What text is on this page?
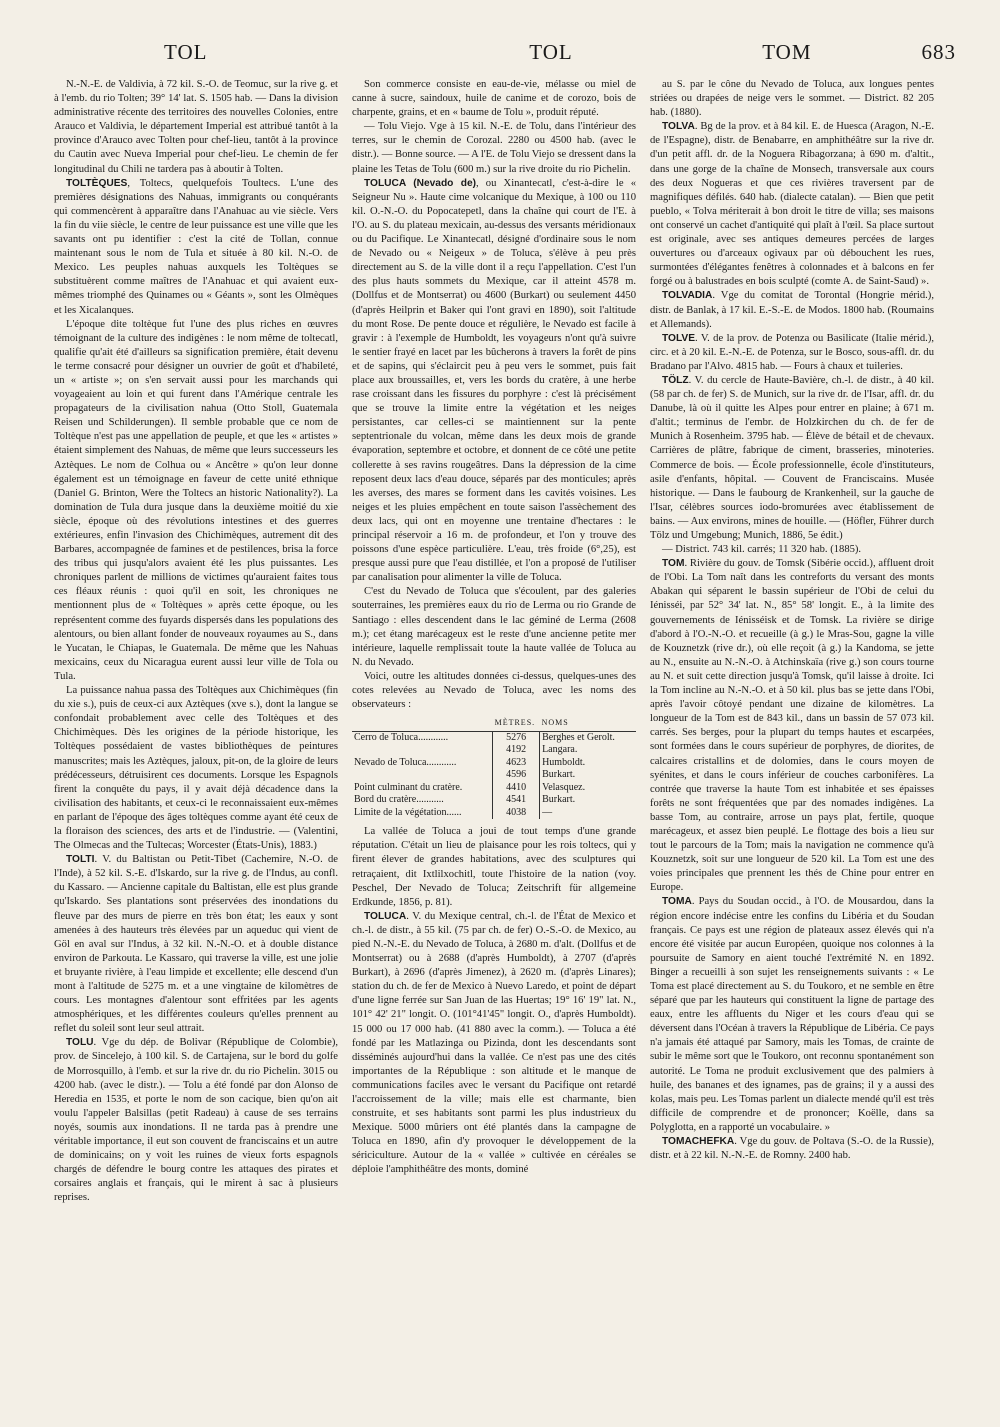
TOL	TOL	TOM	683

N.-N.-E. de Valdivia, à 72 kil. S.-O. de Teomuc, sur la rive g. et à l'emb. du rio Tolten; 39° 14' lat. S. 1505 hab. — Dans la division administrative récente des territoires des nouvelles Colonies, entre Arauco et Valdivia, le département Imperial est attribué tantôt à la province d'Arauco avec Tolten pour chef-lieu, tantôt à la province du Cautin avec Nueva Imperial pour chef-lieu. Le chemin de fer longitudinal du Chili ne tardera pas à aboutir à Tolten.

TOLTÈQUES, Toltecs, quelquefois Toultecs. L'une des premières désignations des Nahuas, immigrants ou conquérants qui commencèrent à apparaître dans l'Anahuac au vie siècle. Vers la fin du viie siècle, le centre de leur puissance est une ville que les savants ont pu identifier : c'est la cité de Tollan, connue maintenant sous le nom de Tula et située à 80 kil. N.-O. de Mexico. Les peuples nahuas auxquels les Toltèques se substituèrent comme maîtres de l'Anahuac et qui avaient eux-mêmes triomphé des Quinames ou « Géants », sont les Olmèques et les Xicalanques.

L'époque dite toltèque fut l'une des plus riches en œuvres témoignant de la culture des indigènes : le nom même de toltecatl, qualifie qu'ait été d'ailleurs sa signification première, était devenu le terme consacré pour désigner un ouvrier de goût et d'habileté, un « artiste »; on s'en servait aussi pour les marchands qui voyageaient au loin et qui furent dans l'Amérique centrale les propagateurs de la civilisation nahua (Otto Stoll, Guatemala Reisen und Schilderungen). Il semble probable que ce nom de Toltèque n'est pas une appellation de peuple, et que les « artistes » étaient simplement des Nahuas, de même que leurs successeurs les Aztèques. Le nom de Colhua ou « Ancêtre » qu'on leur donne également est un témoignage en faveur de cette unité ethnique (Daniel G. Brinton, Were the Toltecs an historic Nationality?). La domination de Tula dura jusque dans la deuxième moitié du xie siècle, époque où des révolutions intestines et des guerres extérieures, enfin l'invasion des Chichimèques, autrement dit des Barbares, accompagnée de famines et de pestilences, brisa la force des tribus qui jusqu'alors avaient été les plus puissantes. Les chroniques parlent de millions de victimes qu'auraient faites tous ces fléaux réunis : quoi qu'il en soit, les chroniques ne mentionnent plus de « Toltèques » après cette époque, ou les représentent comme des fuyards dispersés dans les populations des alentours, ou bien allant fonder de nouveaux royaumes au S., dans le Yucatan, le Chiapas, le Guatemala. De même que les Nahuas mexicains, ceux du Nicaragua eurent aussi leur ville de Tola ou Tula.

La puissance nahua passa des Toltèques aux Chichimèques (fin du xie s.), puis de ceux-ci aux Aztèques (xve s.), dont la langue se confondait probablement avec celle des Toltèques et des Chichimèques. Dès les origines de la période historique, les Toltèques possédaient de vastes bibliothèques de peintures manuscrites; mais les Aztèques, jaloux, pit-on, de la gloire de leurs prédécesseurs, détruisirent ces documents. Lorsque les Espagnols firent la conquête du pays, il y avait déjà décadence dans la civilisation des habitants, et ceux-ci le reconnaissaient eux-mêmes en parlant de l'époque des âges toltèques comme ayant été ceux de la floraison des sciences, des arts et de l'industrie. — (Valentini, The Olmecas and the Tultecas; Worcester (États-Unis), 1883.)

TOLTI. V. du Baltistan ou Petit-Tibet (Cachemire, N.-O. de l'Inde), à 52 kil. S.-E. d'Iskardo, sur la rive g. de l'Indus, au confl. du Kassaro. — Ancienne capitale du Baltistan, elle est plus grande qu'Iskardo. Ses plantations sont préservées des inondations du fleuve par des murs de pierre en très bon état; les eaux y sont amenées à des hauteurs très élevées par un aqueduc qui vient de Göl en aval sur l'Indus, à 32 kil. N.-N.-O. et à double distance environ de Parkouta. Le Kassaro, qui traverse la ville, est une jolie et bruyante rivière, à l'eau limpide et excellente; elle descend d'un mont à l'altitude de 5275 m. et a une vingtaine de kilomètres de cours. Les montagnes d'alentour sont effritées par les agents atmosphériques, et les différentes couleurs qu'elles prennent au reflet du soleil sont leur seul attrait.

TOLU. Vge du dép. de Bolivar (République de Colombie), prov. de Sincelejo, à 100 kil. S. de Cartajena, sur le bord du golfe de Morrosquillo, à l'emb. et sur la rive dr. du rio Pichelin. 3015 ou 4200 hab. (avec le distr.). — Tolu a été fondé par don Alonso de Heredia en 1535, et porte le nom de son cacique, bien qu'on ait voulu l'appeler Balsillas (petit Radeau) à cause de ses terrains noyés, soumis aux inondations. Il ne tarda pas à prendre une véritable importance, il eut son couvent de franciscains et un autre de dominicains; on y voit les ruines de vieux forts espagnols chargés de défendre le bourg contre les attaques des pirates et corsaires anglais et français, qui le mirent à sac à plusieurs reprises.

Son commerce consiste en eau-de-vie, mélasse ou miel de canne à sucre, saindoux, huile de canime et de corozo, bois de charpente, grains, et en « baume de Tolu », produit réputé.

— Tolu Viejo. Vge à 15 kil. N.-E. de Tolu, dans l'intérieur des terres, sur le chemin de Corozal. 2280 ou 4500 hab. (avec le distr.). — Bonne source. — A l'E. de Tolu Viejo se dressent dans la plaine les Tetas de Tolu (600 m.) sur la rive droite du rio Pichelin.

TOLUCA (Nevado de), ou Xinantecatl, c'est-à-dire le « Seigneur Nu ». Haute cime volcanique du Mexique, à 100 ou 110 kil. O.-N.-O. du Popocatepetl, dans la chaîne qui court de l'E. à l'O. au S. du plateau mexicain, au-dessus des versants méridionaux ou du Pacifique. Le Xinantecatl, désigné d'ordinaire sous le nom de Nevado ou « Neigeux » de Toluca, s'élève à peu près directement au S. de la ville dont il a reçu l'appellation. C'est l'un des plus hauts sommets du Mexique, car il atteint 4578 m. (Dollfus et de Montserrat) ou 4600 (Burkart) ou seulement 4450 (d'après Heilprin et Baker qui l'ont gravi en 1890), soit l'altitude du mont Rose. De pente douce et régulière, le Nevado est facile à gravir : à l'exemple de Humboldt, les voyageurs n'ont qu'à suivre le sentier frayé en lacet par les bûcherons à travers la forêt de pins et de sapins, qui s'éclaircit peu à peu vers le sommet, puis fait place aux broussailles, et, vers les bords du cratère, à une herbe rase croissant dans les fissures du porphyre : c'est là précisément que se trouve la limite entre la végétation et les neiges persistantes, car celles-ci se maintiennent sur la pente septentrionale du volcan, même dans les deux mois de grande évaporation, septembre et octobre, et donnent de ce côté une petite collerette à ses ravins rougeâtres. Dans la dépression de la cime reposent deux lacs d'eau douce, séparés par des monticules; après les averses, des mares se forment dans les cavités voisines. Les neiges et les pluies empêchent en toute saison l'assèchement des deux lacs, qui ont en moyenne une trentaine d'hectares : le principal réservoir a 16 m. de profondeur, et l'on y trouve des poissons d'une espèce particulière. L'eau, très froide (6°,25), est presque aussi pure que l'eau distillée, et l'on a proposé de l'utiliser par canalisation pour alimenter la ville de Toluca.

C'est du Nevado de Toluca que s'écoulent, par des galeries souterraines, les premières eaux du rio de Lerma ou rio Grande de Santiago : elles descendent dans le lac géminé de Lerma (2608 m.); cet étang marécageux est le reste d'une ancienne petite mer intérieure, laquelle remplissait toute la haute vallée de Toluca au N. du Nevado.

Voici, outre les altitudes données ci-dessus, quelques-unes des cotes relevées au Nevado de Toluca, avec les noms des observateurs :

	MÈTRES.	NOMS
Cerro de Toluca............	5276	Berghes et Gerolt.
	4192	Langara.
Nevado de Toluca............	4623	Humboldt.
	4596	Burkart.
Point culminant du cratère.	4410	Velasquez.
Bord du cratère...........	4541	Burkart.
Limite de la végétation......	4038	—

La vallée de Toluca a joui de tout temps d'une grande réputation. C'était un lieu de plaisance pour les rois toltecs, qui y firent élever de grandes habitations, avec des sculptures qui retraçaient, dit Ixtlilxochitl, toute l'histoire de la nation (voy. Peschel, Der Nevado de Toluca; Zeitschrift für allgemeine Erdkunde, 1856, p. 81).

TOLUCA. V. du Mexique central, ch.-l. de l'État de Mexico et ch.-l. de distr., à 55 kil. (75 par ch. de fer) O.-S.-O. de Mexico, au pied N.-N.-E. du Nevado de Toluca, à 2680 m. d'alt. (Dollfus et de Montserrat) ou à 2688 (d'après Humboldt), à 2707 (d'après Burkart), à 2696 (d'après Jimenez), à 2620 m. (d'après Linares); station du ch. de fer de Mexico à Nuevo Laredo, et point de départ d'une ligne ferrée sur San Juan de las Huertas; 19° 16' 19" lat. N., 101° 42' 21" longit. O. (101°41'45" longit. O., d'après Humboldt). 15 000 ou 17 000 hab. (41 880 avec la comm.). — Toluca a été fondé par les Matlazinga ou Pizinda, dont les descendants sont disséminés aujourd'hui dans la vallée. Ce n'est pas une des cités importantes de la République : son altitude et le manque de communications faciles avec le versant du Pacifique ont retardé l'accroissement de la ville; mais elle est charmante, bien construite, et ses habitants sont parmi les plus industrieux du Mexique. 5000 mûriers ont été plantés dans la campagne de Toluca en 1890, afin d'y provoquer le développement de la sériciculture. Autour de la « vallée » cultivée en céréales se déploie l'amphithéâtre des monts, dominé

au S. par le cône du Nevado de Toluca, aux longues pentes striées ou drapées de neige vers le sommet. — District. 82 205 hab. (1880).

TOLVA. Bg de la prov. et à 84 kil. E. de Huesca (Aragon, N.-E. de l'Espagne), distr. de Benabarre, en amphithéâtre sur la rive dr. d'un petit affl. dr. de la Noguera Ribagorzana; à 690 m. d'altit., dans une gorge de la chaîne de Monsech, transversale aux cours des deux Nogueras et que ces rivières traversent par de magnifiques défilés. 640 hab. (dialecte catalan). — Bien que petit pueblo, « Tolva mériterait à bon droit le titre de villa; ses maisons ont conservé un cachet d'antiquité qui plaît à l'œil. Sa place surtout est originale, avec ses antiques demeures percées de larges ouvertures ou d'arceaux ogivaux par où débouchent les rues, surmontées d'élégantes fenêtres à colonnades et à balcons en fer forgé ou à balustrades en bois sculpté (comte A. de Saint-Saud) ».

TOLVADIA. Vge du comitat de Torontal (Hongrie mérid.), distr. de Banlak, à 17 kil. E.-S.-E. de Modos. 1800 hab. (Roumains et Allemands).

TOLVE. V. de la prov. de Potenza ou Basilicate (Italie mérid.), circ. et à 20 kil. E.-N.-E. de Potenza, sur le Bosco, sous-affl. dr. du Bradano par l'Alvo. 4815 hab. — Fours à chaux et tuileries.

TÖLZ. V. du cercle de Haute-Bavière, ch.-l. de distr., à 40 kil. (58 par ch. de fer) S. de Munich, sur la rive dr. de l'Isar, affl. dr. du Danube, là où il quitte les Alpes pour entrer en plaine; à 671 m. d'altit.; terminus de l'embr. de Holzkirchen du ch. de fer de Munich à Rosenheim. 3795 hab. — Élève de bétail et de chevaux. Carrières de plâtre, fabrique de ciment, brasseries, minoteries. Commerce de bois. — École professionnelle, école d'instituteurs, asile d'enfants, hôpital. — Couvent de Franciscains. Musée historique. — Dans le faubourg de Krankenheil, sur la gauche de l'Isar, célèbres sources iodo-bromurées avec établissement de bains. — Aux environs, mines de houille. — (Höfler, Führer durch Tölz und Umgebung; Munich, 1886, 5e édit.)

— District. 743 kil. carrés; 11 320 hab. (1885).

TOM. Rivière du gouv. de Tomsk (Sibérie occid.), affluent droit de l'Obi. La Tom naît dans les contreforts du versant des monts Abakan qui séparent le bassin supérieur de l'Obi de celui du Iénisséi, par 52° 34' lat. N., 85° 58' longit. E., à la limite des gouvernements de Iénisséisk et de Tomsk. La rivière se dirige d'abord à l'O.-N.-O. et recueille (à g.) le Mras-Sou, gagne la ville de Kouznetzk (rive dr.), où elle reçoit (à g.) la Kandoma, se jette au N., ensuite au N.-N.-O. à Atchinskaïa (rive g.) son cours tourne au N. et suit cette direction jusqu'à Tomsk, qu'il laisse à droite. Ici la Tom incline au N.-N.-O. et à 50 kil. plus bas se jette dans l'Obi, après l'avoir côtoyé pendant une dizaine de kilomètres. La longueur de la Tom est de 843 kil., dans un bassin de 57 073 kil. carrés. Ses berges, pour la plupart du temps hautes et escarpées, sont formées dans le cours supérieur de porphyres, de diorites, de calcaires cristallins et de dolomies, dans le cours moyen de syénites, et dans le cours inférieur de couches carbonifères. La contrée que traverse la haute Tom est inhabitée et ses épaisses forêts ne sont fréquentées que par des nomades indigènes. La basse Tom, au contraire, arrose un pays plat, fertile, quoque marécageux, et assez bien peuplé. Le flottage des bois a lieu sur tout le parcours de la Tom; mais la navigation ne commence qu'à Kouznetzk, soit sur une longueur de 520 kil. La Tom est une des voies principales que prennent les thés de Chine pour entrer en Europe.

TOMA. Pays du Soudan occid., à l'O. de Mousardou, dans la région encore indécise entre les confins du Libéria et du Soudan français. Ce pays est une région de plateaux assez élevés qui n'a encore été visitée par aucun Européen, quoique nos colonnes à la poursuite de Samory en aient touché l'extrémité N. en 1892. Binger a recueilli à son sujet les renseignements suivants : « Le Toma est placé directement au S. du Toukoro, et ne semble en être séparé que par les hauteurs qui constituent la ligne de partage des eaux, entre les affluents du Niger et les cours d'eau qui se déversent dans l'Océan à travers la République de Libéria. Ce pays n'a jamais été attaqué par Samory, mais les Tomas, de crainte de subir le même sort que le Toukoro, ont reconnu spontanément son autorité. Le Toma ne produit exclusivement que des palmiers à huile, des bananes et des ignames, pas de grains; il y a aussi des kolas, mais peu. Les Tomas parlent un dialecte mendé qu'il est très difficile de comprendre et de prononcer; Koëlle, dans sa Polyglotta, en a rapporté un vocabulaire. »

TOMACHEFKA. Vge du gouv. de Poltava (S.-O. de la Russie), distr. et à 22 kil. N.-N.-E. de Romny. 2400 hab.
